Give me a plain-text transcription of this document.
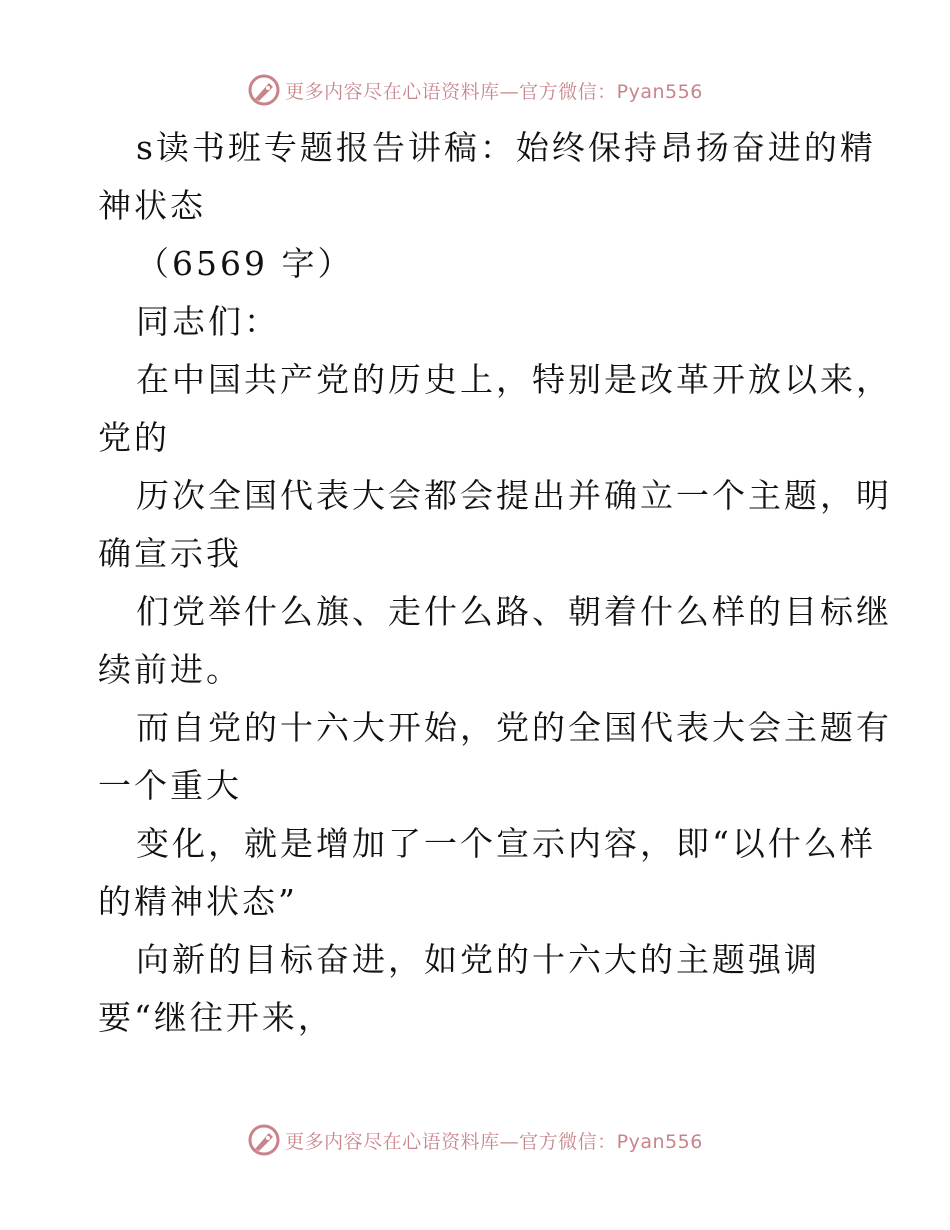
更多内容尽在心语资料库—官方微信：Pyan556
s读书班专题报告讲稿：始终保持昂扬奋进的精
神状态
（6569 字）
同志们：
在中国共产党的历史上，特别是改革开放以来，
党的
历次全国代表大会都会提出并确立一个主题，明
确宣示我
们党举什么旗、走什么路、朝着什么样的目标继
续前进。
而自党的十六大开始，党的全国代表大会主题有
一个重大
变化，就是增加了一个宣示内容，即“以什么样
的精神状态”
向新的目标奋进，如党的十六大的主题强调
要“继往开来，
更多内容尽在心语资料库—官方微信：Pyan556
